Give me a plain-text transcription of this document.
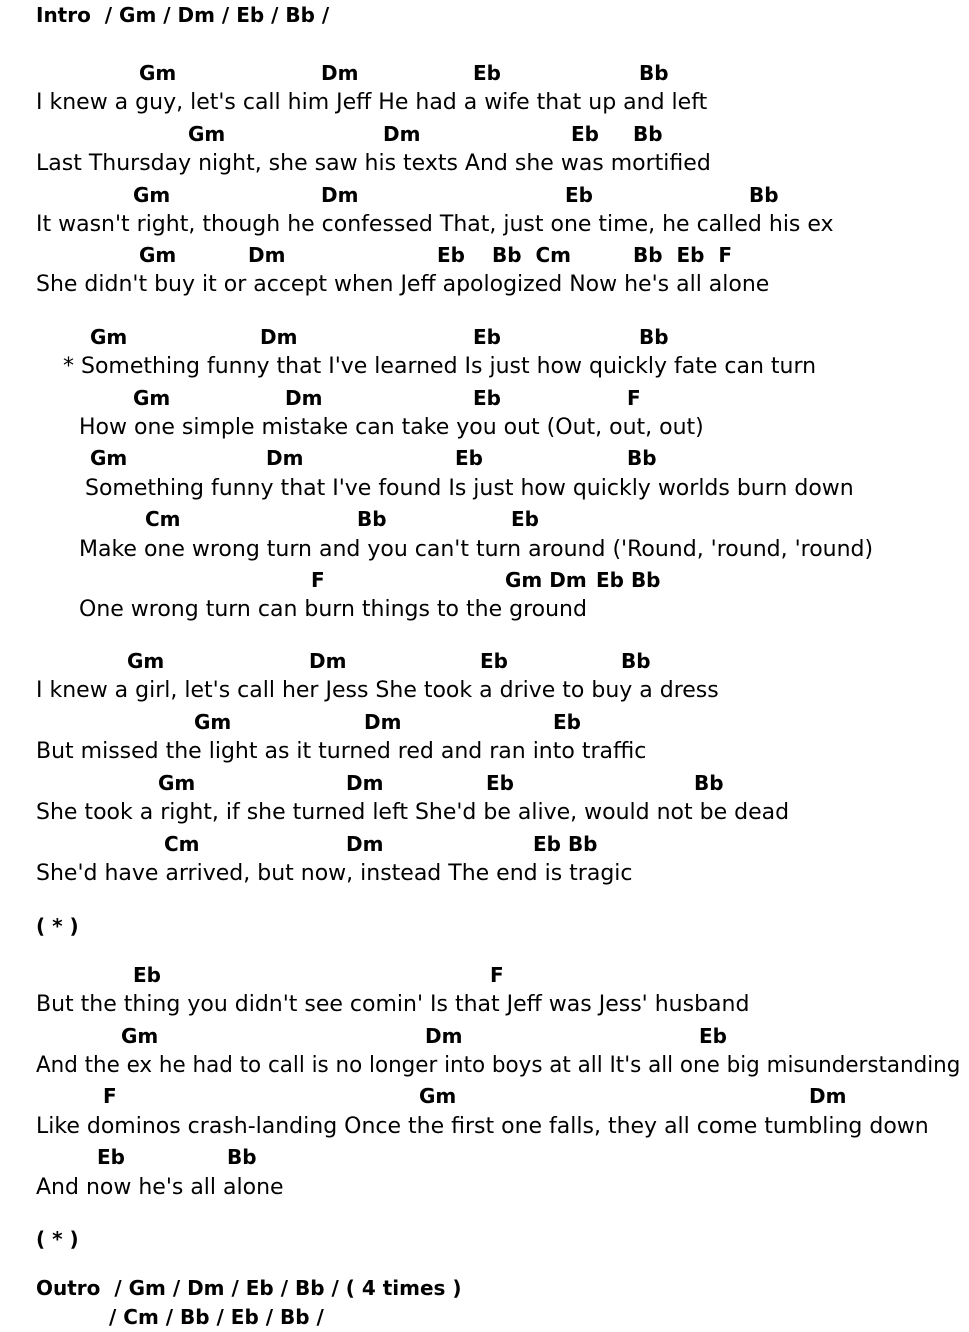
Intro  / Gm / Dm / Eb / Bb /
Gm	Dm	Eb	Bb
I knew a guy, let's call him Jeff He had a wife that up and left
Gm	Dm	Eb Bb
Last Thursday night, she saw his texts And she was mortified
Gm	Dm	Eb	Bb
It wasn't right, though he confessed That, just one time, he called his ex
Gm	Dm	Eb Bb  Cm	Bb  Eb  F
She didn't buy it or accept when Jeff apologized Now he's all alone
Gm	Dm	Eb	Bb
* Something funny that I've learned Is just how quickly fate can turn
Gm	Dm	Eb	F
How one simple mistake can take you out (Out, out, out)
Gm	Dm	Eb	Bb
Something funny that I've found Is just how quickly worlds burn down
Cm	Bb	Eb
Make one wrong turn and you can't turn around ('Round, 'round, 'round)
F	Gm Dm Eb Bb
One wrong turn can burn things to the ground
Gm	Dm	Eb	Bb
I knew a girl, let's call her Jess She took a drive to buy a dress
Gm	Dm	Eb
But missed the light as it turned red and ran into traffic
Gm	Dm	Eb	Bb
She took a right, if she turned left She'd be alive, would not be dead
Cm	Dm	Eb Bb
She'd have arrived, but now, instead The end is tragic
( * )
Eb	F
But the thing you didn't see comin' Is that Jeff was Jess' husband
Gm	Dm	Eb
And the ex he had to call is no longer into boys at all It's all one big misunderstanding
F	Gm	Dm
Like dominos crash-landing Once the first one falls, they all come tumbling down
Eb	Bb
And now he's all alone
( * )
Outro  / Gm / Dm / Eb / Bb / ( 4 times )
/ Cm / Bb / Eb / Bb /
